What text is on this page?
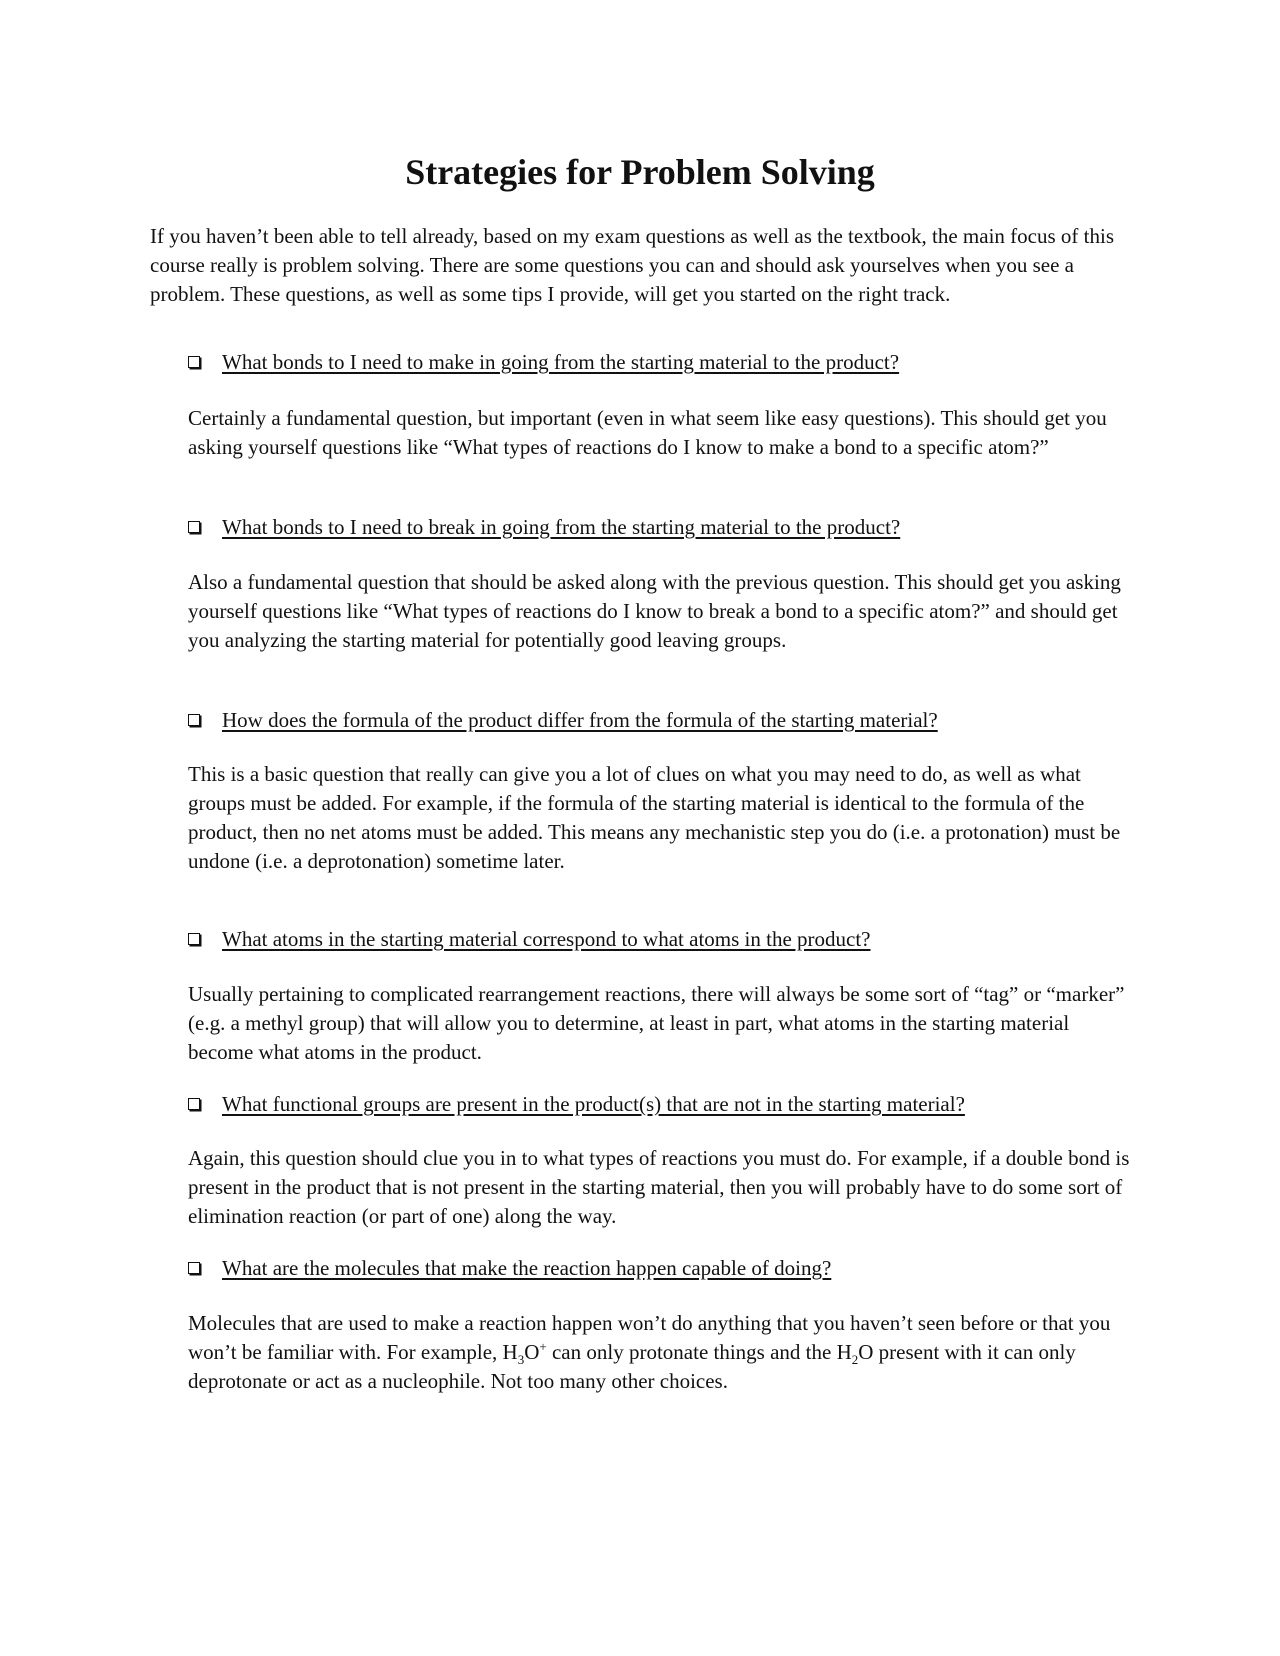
Strategies for Problem Solving

If you haven’t been able to tell already, based on my exam questions as well as the textbook, the main focus of this course really is problem solving. There are some questions you can and should ask yourselves when you see a problem. These questions, as well as some tips I provide, will get you started on the right track.

What bonds to I need to make in going from the starting material to the product?

Certainly a fundamental question, but important (even in what seem like easy questions). This should get you asking yourself questions like “What types of reactions do I know to make a bond to a specific atom?”

What bonds to I need to break in going from the starting material to the product?

Also a fundamental question that should be asked along with the previous question. This should get you asking yourself questions like “What types of reactions do I know to break a bond to a specific atom?” and should get you analyzing the starting material for potentially good leaving groups.

How does the formula of the product differ from the formula of the starting material?

This is a basic question that really can give you a lot of clues on what you may need to do, as well as what groups must be added. For example, if the formula of the starting material is identical to the formula of the product, then no net atoms must be added. This means any mechanistic step you do (i.e. a protonation) must be undone (i.e. a deprotonation) sometime later.

What atoms in the starting material correspond to what atoms in the product?

Usually pertaining to complicated rearrangement reactions, there will always be some sort of “tag” or “marker” (e.g. a methyl group) that will allow you to determine, at least in part, what atoms in the starting material become what atoms in the product.

What functional groups are present in the product(s) that are not in the starting material?

Again, this question should clue you in to what types of reactions you must do. For example, if a double bond is present in the product that is not present in the starting material, then you will probably have to do some sort of elimination reaction (or part of one) along the way.

What are the molecules that make the reaction happen capable of doing?

Molecules that are used to make a reaction happen won’t do anything that you haven’t seen before or that you won’t be familiar with. For example, $H_3O^+$ can only protonate things and the $H_2O$ present with it can only deprotonate or act as a nucleophile. Not too many other choices.
